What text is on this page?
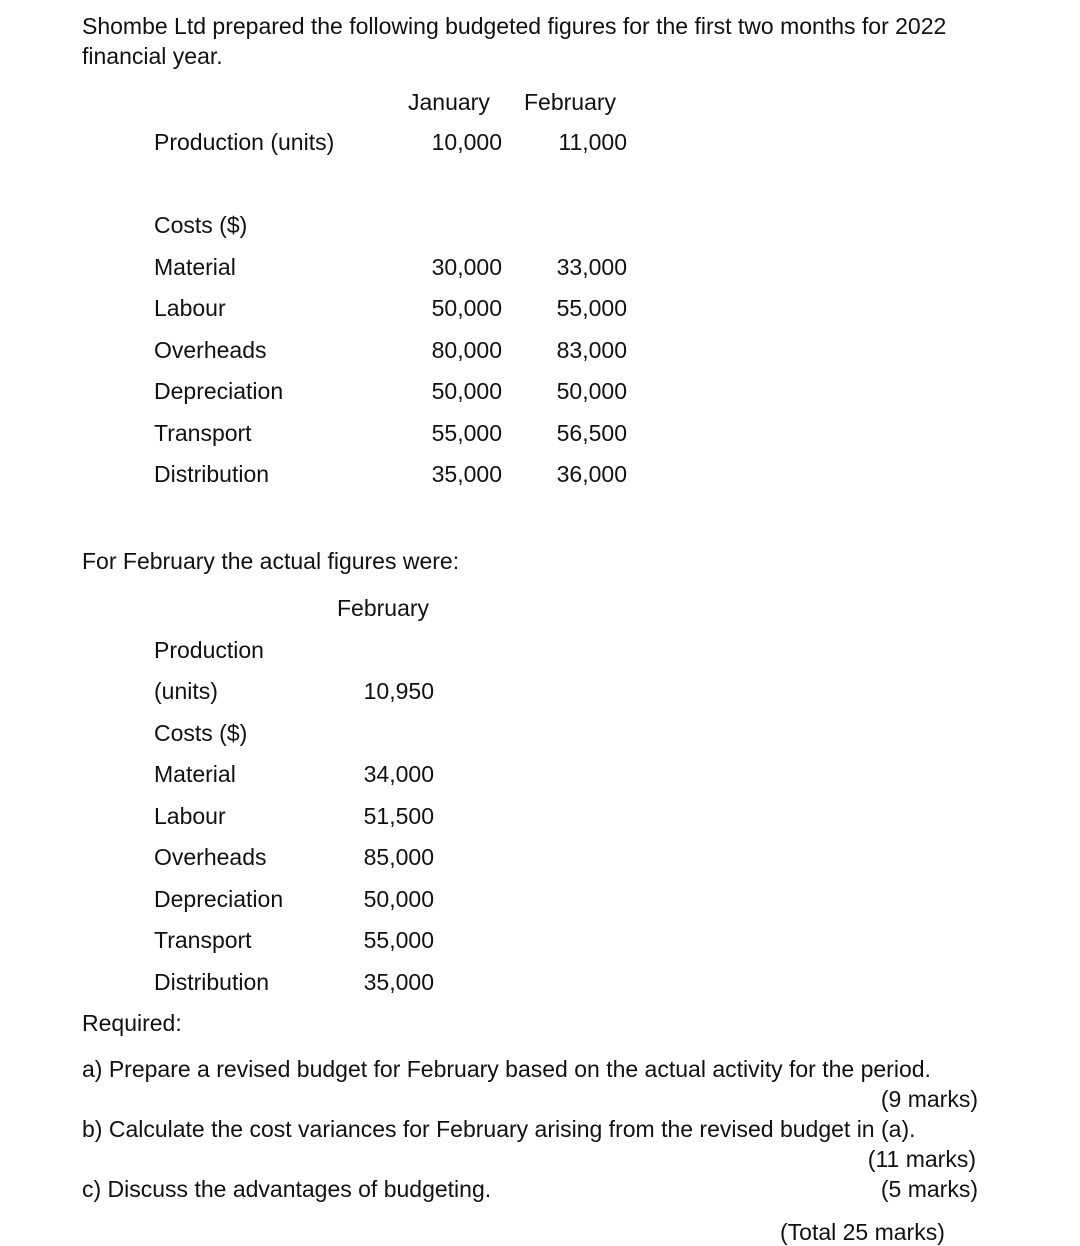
Shombe Ltd prepared the following budgeted figures for the first two months for 2022
financial year.
January February
Production (units)	10,000	11,000
Costs ($)
Material	30,000	33,000
Labour	50,000	55,000
Overheads	80,000	83,000
Depreciation	50,000	50,000
Transport	55,000	56,500
Distribution	35,000	36,000
For February the actual figures were:
February
Production
(units)	10,950
Costs ($)
Material	34,000
Labour	51,500
Overheads	85,000
Depreciation	50,000
Transport	55,000
Distribution	35,000
Required:
a) Prepare a revised budget for February based on the actual activity for the period.
(9 marks)
b) Calculate the cost variances for February arising from the revised budget in (a).
(11 marks)
c) Discuss the advantages of budgeting.	(5 marks)
(Total 25 marks)
